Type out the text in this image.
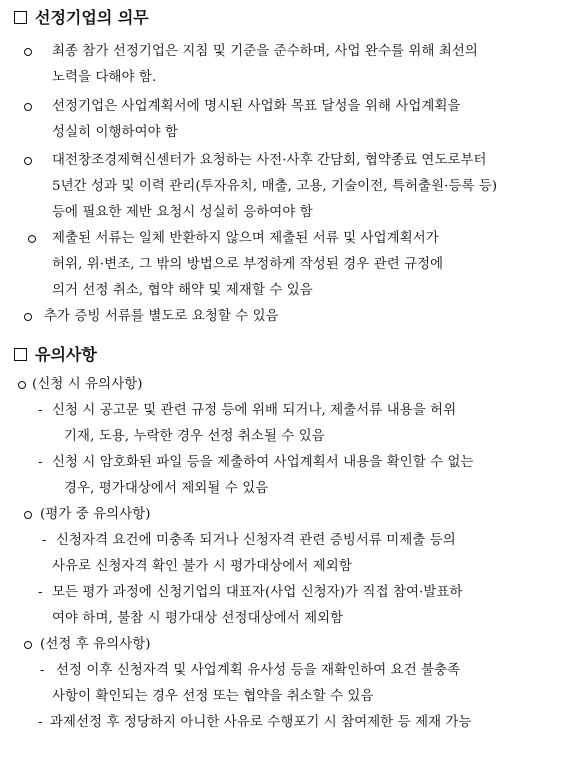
선정기업의 의무
최종 참가 선정기업은 지침 및 기준을 준수하며, 사업 완수를 위해 최선의
노력을 다해야 함.
선정기업은 사업계획서에 명시된 사업화 목표 달성을 위해 사업계획을
성실히 이행하여야 함
대전창조경제혁신센터가 요청하는 사전·사후 간담회, 협약종료 연도로부터
5년간 성과 및 이력 관리(투자유치, 매출, 고용, 기술이전, 특허출원·등록 등)
등에 필요한 제반 요청시 성실히 응하여야 함
제출된 서류는 일체 반환하지 않으며 제출된 서류 및 사업계획서가
허위, 위·변조, 그 밖의 방법으로 부정하게 작성된 경우 관련 규정에
의거 선정 취소, 협약 해약 및 제재할 수 있음
추가 증빙 서류를 별도로 요청할 수 있음
유의사항
(신청 시 유의사항)
- 신청 시 공고문 및 관련 규정 등에 위배 되거나, 제출서류 내용을 허위
기재, 도용, 누락한 경우 선정 취소될 수 있음
- 신청 시 암호화된 파일 등을 제출하여 사업계획서 내용을 확인할 수 없는
경우, 평가대상에서 제외될 수 있음
(평가 중 유의사항)
- 신청자격 요건에 미충족 되거나 신청자격 관련 증빙서류 미제출 등의
사유로 신청자격 확인 불가 시 평가대상에서 제외함
- 모든 평가 과정에 신청기업의 대표자(사업 신청자)가 직접 참여·발표하
여야 하며, 불참 시 평가대상 선정대상에서 제외함
(선정 후 유의사항)
- 선정 이후 신청자격 및 사업계획 유사성 등을 재확인하여 요건 불충족
사항이 확인되는 경우 선정 또는 협약을 취소할 수 있음
- 과제선정 후 정당하지 아니한 사유로 수행포기 시 참여제한 등 제재 가능
